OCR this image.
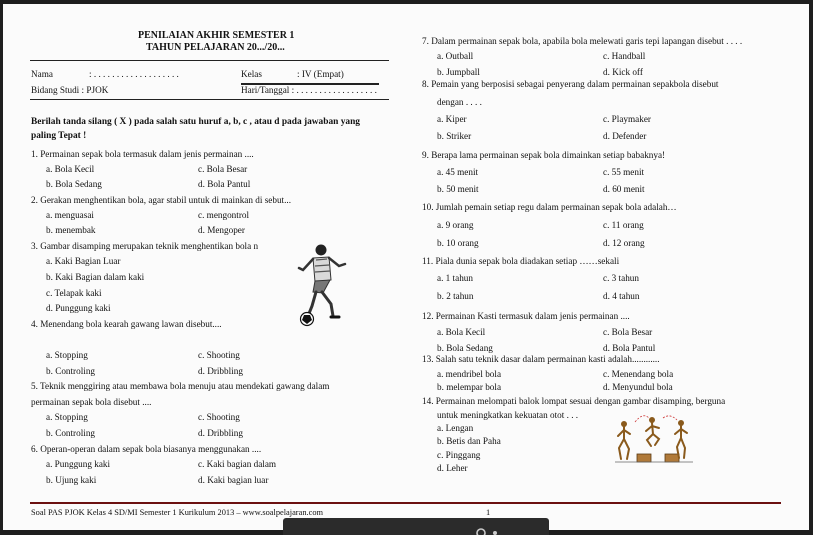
PENILAIAN AKHIR SEMESTER 1
TAHUN PELAJARAN 20.../20...
Nama	: . . . . . . . . . . . . . . . . . . .	Kelas	: IV (Empat)
Bidang Studi : PJOK	Hari/Tanggal : . . . . . . . . . . . . . . . . . .
Berilah tanda silang ( X ) pada salah satu huruf a, b, c , atau d pada jawaban yang
paling Tepat !
1. Permainan sepak bola termasuk dalam jenis permainan ....
a. Bola Kecil	c. Bola Besar
b. Bola Sedang	d. Bola Pantul
2. Gerakan menghentikan bola, agar stabil untuk di mainkan di sebut...
a. menguasai	c. mengontrol
b. menembak	d. Mengoper
3. Gambar disamping merupakan teknik menghentikan bola n
a. Kaki Bagian Luar
b. Kaki Bagian dalam kaki
c. Telapak kaki
d. Punggung kaki
4. Menendang bola kearah gawang lawan disebut....
a. Stopping	c. Shooting
b. Controling	d. Dribbling
5. Teknik menggiring atau membawa bola menuju atau mendekati gawang dalam
permainan sepak bola disebut ....
a. Stopping	c. Shooting
b. Controling	d. Dribbling
6. Operan-operan dalam sepak bola biasanya menggunakan ....
a. Punggung kaki	c. Kaki bagian dalam
b. Ujung kaki	d. Kaki bagian luar
7. Dalam permainan sepak bola, apabila bola melewati garis tepi lapangan disebut . . . .
a. Outball	c. Handball
b. Jumpball	d. Kick off
8. Pemain yang berposisi sebagai penyerang dalam permainan sepakbola disebut
dengan . . . .
a. Kiper	c. Playmaker
b. Striker	d. Defender
9. Berapa lama permainan sepak bola dimainkan setiap babaknya!
a. 45 menit	c. 55 menit
b. 50 menit	d. 60 menit
10. Jumlah pemain setiap regu dalam permainan sepak bola adalah…
a. 9 orang	c. 11 orang
b. 10 orang	d. 12 orang
11. Piala dunia sepak bola diadakan setiap ……sekali
a. 1 tahun	c. 3 tahun
b. 2 tahun	d. 4 tahun
12. Permainan Kasti termasuk dalam jenis permainan ....
a. Bola Kecil	c. Bola Besar
b. Bola Sedang	d. Bola Pantul
13. Salah satu teknik dasar dalam permainan kasti adalah............
a. mendribel bola	c. Menendang bola
b. melempar bola	d. Menyundul bola
14. Permainan melompati balok lompat sesuai dengan gambar disamping, berguna
untuk meningkatkan kekuatan otot . . .
a. Lengan
b. Betis dan Paha
c. Pinggang
d. Leher
Soal PAS PJOK Kelas 4 SD/MI Semester 1 Kurikulum 2013 – www.soalpelajaran.com	1
